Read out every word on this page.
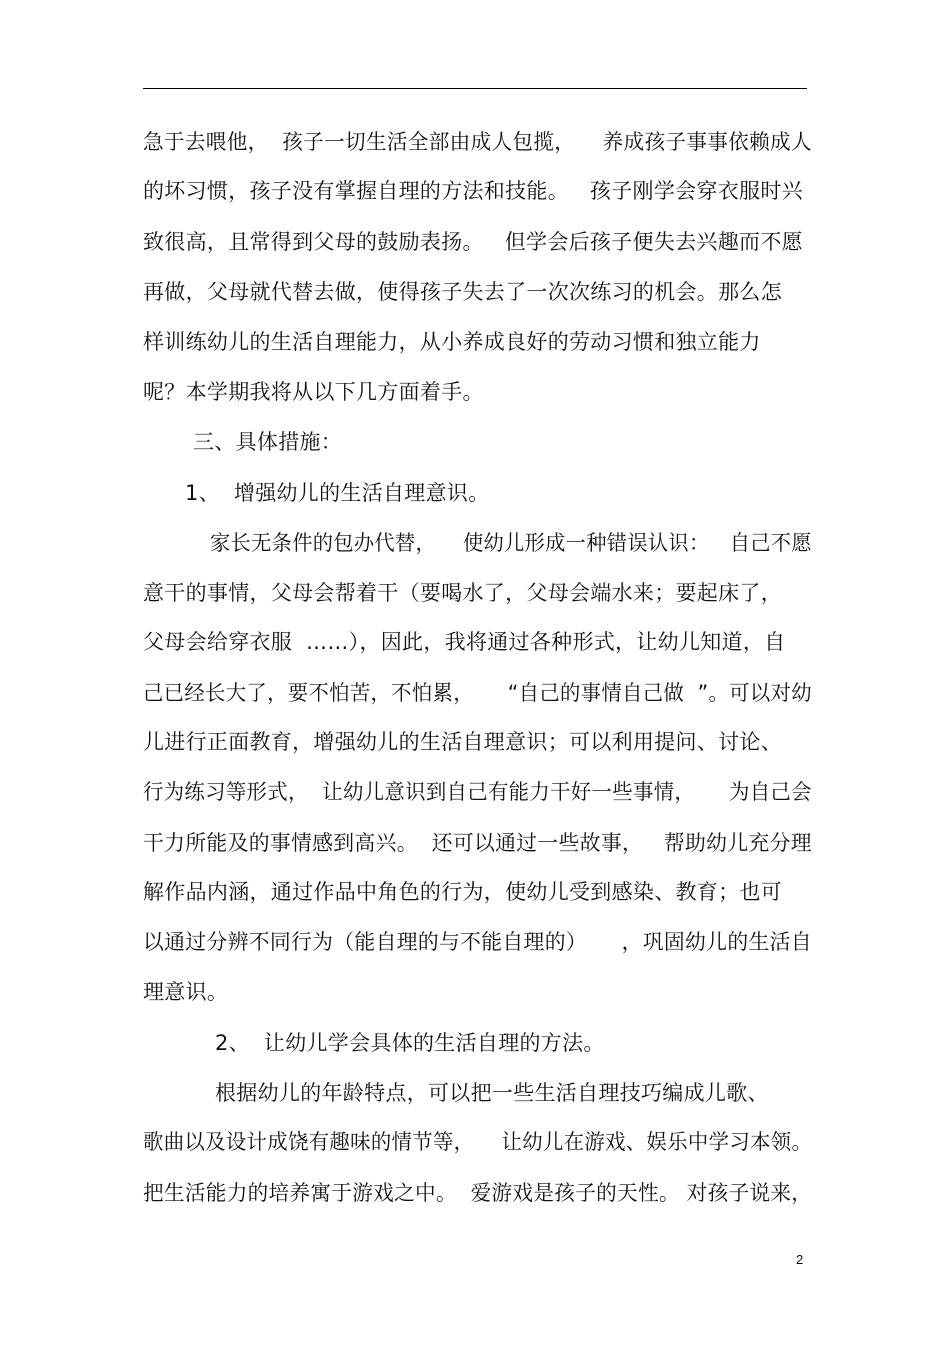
急于去喂他，  孩子一切生活全部由成人包揽，    养成孩子事事依赖成人
的坏习惯，孩子没有掌握自理的方法和技能。   孩子刚学会穿衣服时兴
致很高，且常得到父母的鼓励表扬。   但学会后孩子便失去兴趣而不愿
再做，父母就代替去做，使得孩子失去了一次次练习的机会。那么怎
样训练幼儿的生活自理能力，从小养成良好的劳动习惯和独立能力
呢？本学期我将从以下几方面着手。
三、具体措施：
1、  增强幼儿的生活自理意识。
家长无条件的包办代替，    使幼儿形成一种错误认识：   自己不愿
意干的事情，父母会帮着干（要喝水了，父母会端水来；要起床了，
父母会给穿衣服  ……），因此，我将通过各种形式，让幼儿知道，自
己已经长大了，要不怕苦，不怕累，     “自己的事情自己做  ”。可以对幼
儿进行正面教育，增强幼儿的生活自理意识；可以利用提问、讨论、
行为练习等形式，  让幼儿意识到自己有能力干好一些事情，     为自己会
干力所能及的事情感到高兴。  还可以通过一些故事，   帮助幼儿充分理
解作品内涵，通过作品中角色的行为，使幼儿受到感染、教育；也可
以通过分辨不同行为（能自理的与不能自理的）     ，巩固幼儿的生活自
理意识。
2、  让幼儿学会具体的生活自理的方法。
根据幼儿的年龄特点，可以把一些生活自理技巧编成儿歌、
歌曲以及设计成饶有趣味的情节等，    让幼儿在游戏、娱乐中学习本领。
把生活能力的培养寓于游戏之中。  爱游戏是孩子的天性。 对孩子说来，
2
